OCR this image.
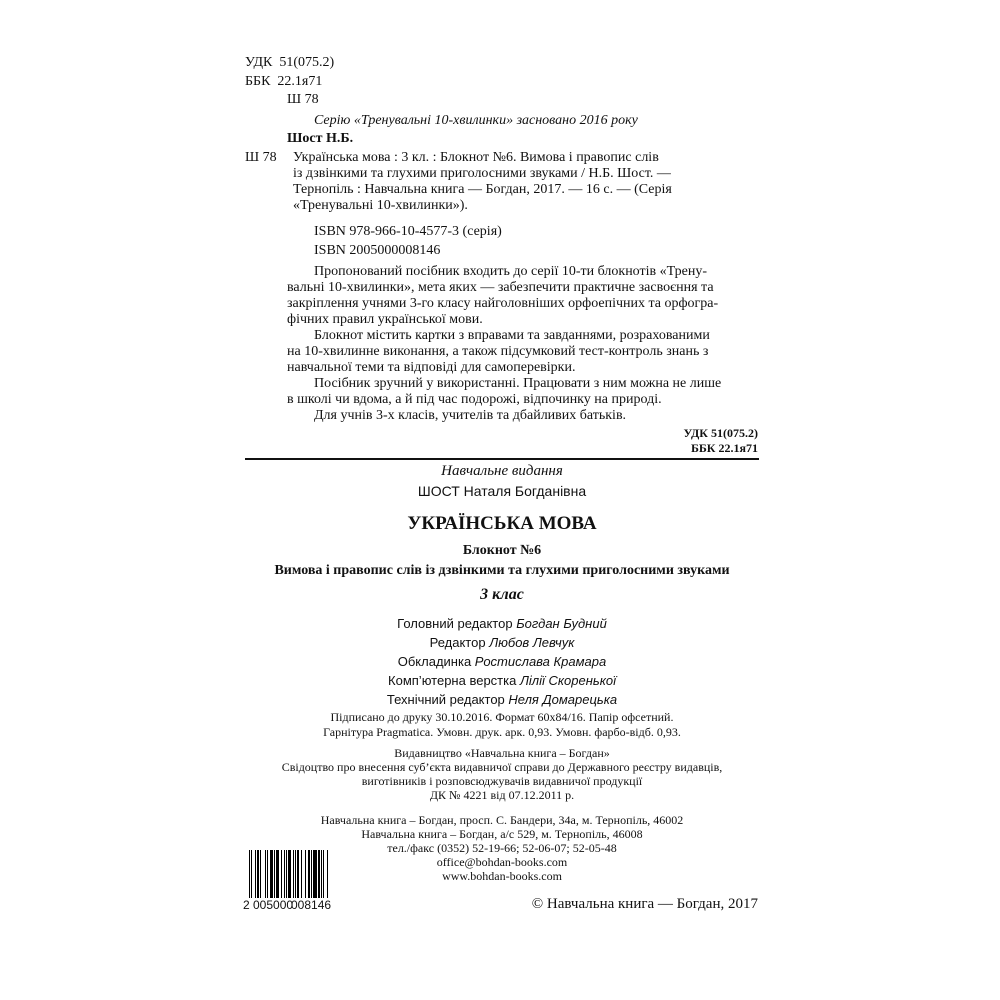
УДК 51(075.2)
ББК 22.1я71
Ш 78
Серію «Тренувальні 10-хвилинки» засновано 2016 року
Шост Н.Б.
Ш 78 Українська мова : 3 кл. : Блокнот №6. Вимова і правопис слів
із дзвінкими та глухими приголосними звуками / Н.Б. Шост. —
Тернопіль : Навчальна книга — Богдан, 2017. — 16 с. — (Серія
«Тренувальні 10-хвилинки»).
ISBN 978-966-10-4577-3 (серія)
ISBN 2005000008146
Пропонований посібник входить до серії 10-ти блокнотів «Трену-
вальні 10-хвилинки», мета яких — забезпечити практичне засвоєння та
закріплення учнями 3-го класу найголовніших орфоепічних та орфогра-
фічних правил української мови.
Блокнот містить картки з вправами та завданнями, розрахованими
на 10-хвилинне виконання, а також підсумковий тест-контроль знань з
навчальної теми та відповіді для самоперевірки.
Посібник зручний у використанні. Працювати з ним можна не лише
в школі чи вдома, а й під час подорожі, відпочинку на природі.
Для учнів 3-х класів, учителів та дбайливих батьків.
УДК 51(075.2)
ББК 22.1я71
Навчальне видання
ШОСТ Наталя Богданівна
УКРАЇНСЬКА МОВА
Блокнот №6
Вимова і правопис слів із дзвінкими та глухими приголосними звуками
3 клас
Головний редактор Богдан Будний
Редактор Любов Левчук
Обкладинка Ростислава Крамара
Комп’ютерна верстка Лілії Скоренької
Технічний редактор Неля Домарецька
Підписано до друку 30.10.2016. Формат 60x84/16. Папір офсетний.
Гарнітура Pragmatica. Умовн. друк. арк. 0,93. Умовн. фарбо-відб. 0,93.
Видавництво «Навчальна книга – Богдан»
Свідоцтво про внесення суб’єкта видавничої справи до Державного реєстру видавців,
виготівників і розповсюджувачів видавничої продукції
ДК № 4221 від 07.12.2011 р.
Навчальна книга – Богдан, просп. С. Бандери, 34а, м. Тернопіль, 46002
Навчальна книга – Богдан, а/с 529, м. Тернопіль, 46008
тел./факс (0352) 52-19-66; 52-06-07; 52-05-48
office@bohdan-books.com
www.bohdan-books.com
2 005000
008146	© Навчальна книга — Богдан, 2017
